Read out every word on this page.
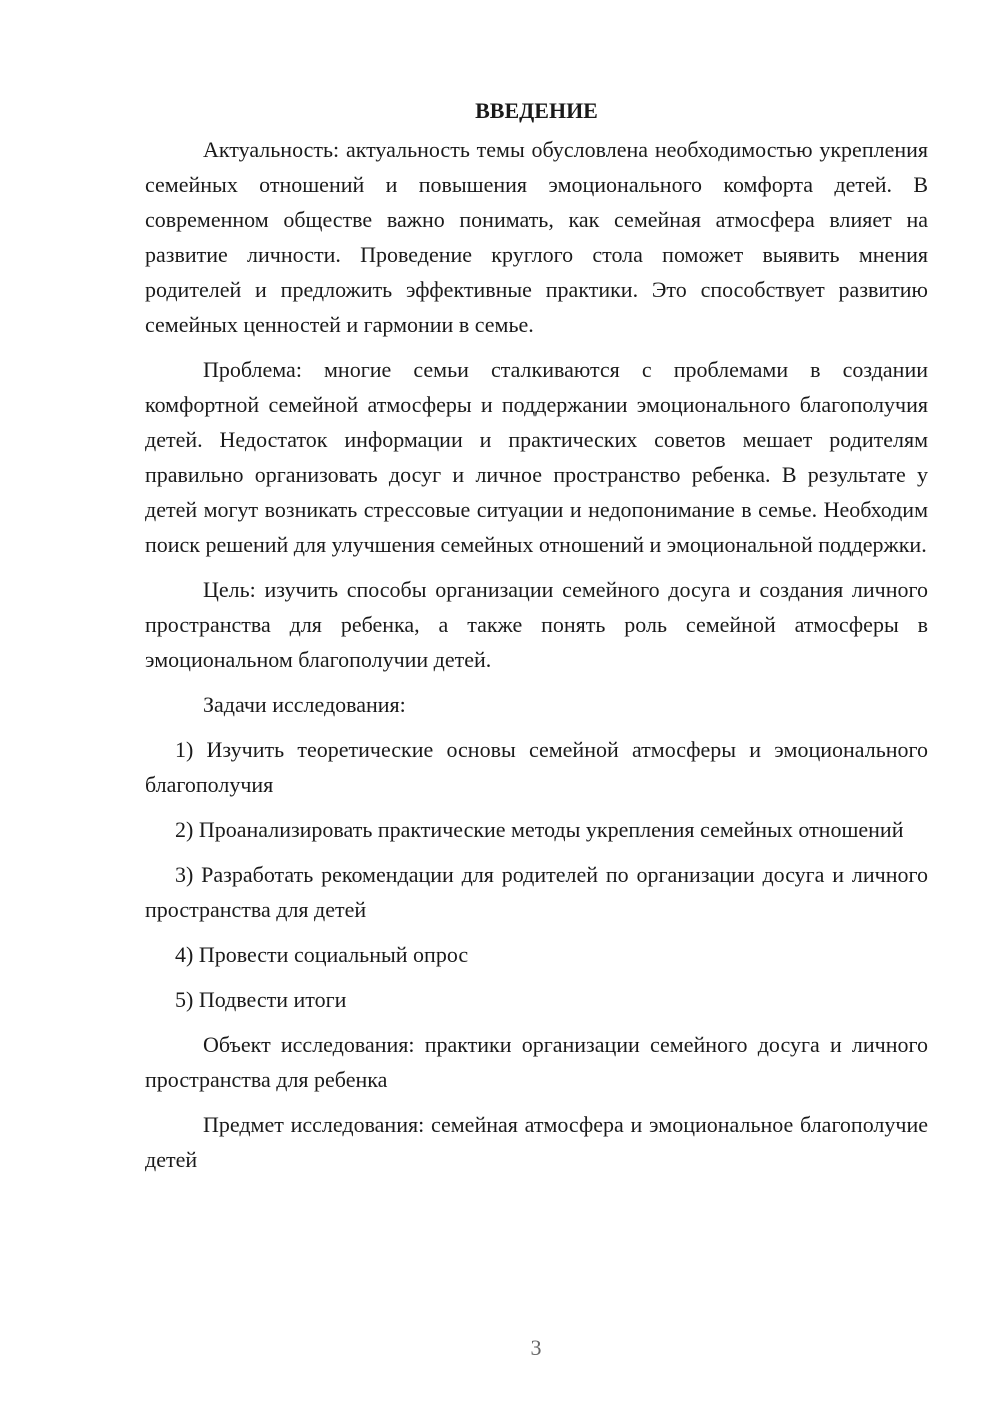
ВВЕДЕНИЕ

Актуальность: актуальность темы обусловлена необходимостью укрепления семейных отношений и повышения эмоционального комфорта детей. В современном обществе важно понимать, как семейная атмосфера влияет на развитие личности. Проведение круглого стола поможет выявить мнения родителей и предложить эффективные практики. Это способствует развитию семейных ценностей и гармонии в семье.

Проблема: многие семьи сталкиваются с проблемами в создании комфортной семейной атмосферы и поддержании эмоционального благополучия детей. Недостаток информации и практических советов мешает родителям правильно организовать досуг и личное пространство ребенка. В результате у детей могут возникать стрессовые ситуации и недопонимание в семье. Необходим поиск решений для улучшения семейных отношений и эмоциональной поддержки.

Цель: изучить способы организации семейного досуга и создания личного пространства для ребенка, а также понять роль семейной атмосферы в эмоциональном благополучии детей.

Задачи исследования:

1) Изучить теоретические основы семейной атмосферы и эмоционального благополучия

2) Проанализировать практические методы укрепления семейных отношений

3) Разработать рекомендации для родителей по организации досуга и личного пространства для детей

4) Провести социальный опрос

5) Подвести итоги

Объект исследования: практики организации семейного досуга и личного пространства для ребенка

Предмет исследования: семейная атмосфера и эмоциональное благополучие детей

3
